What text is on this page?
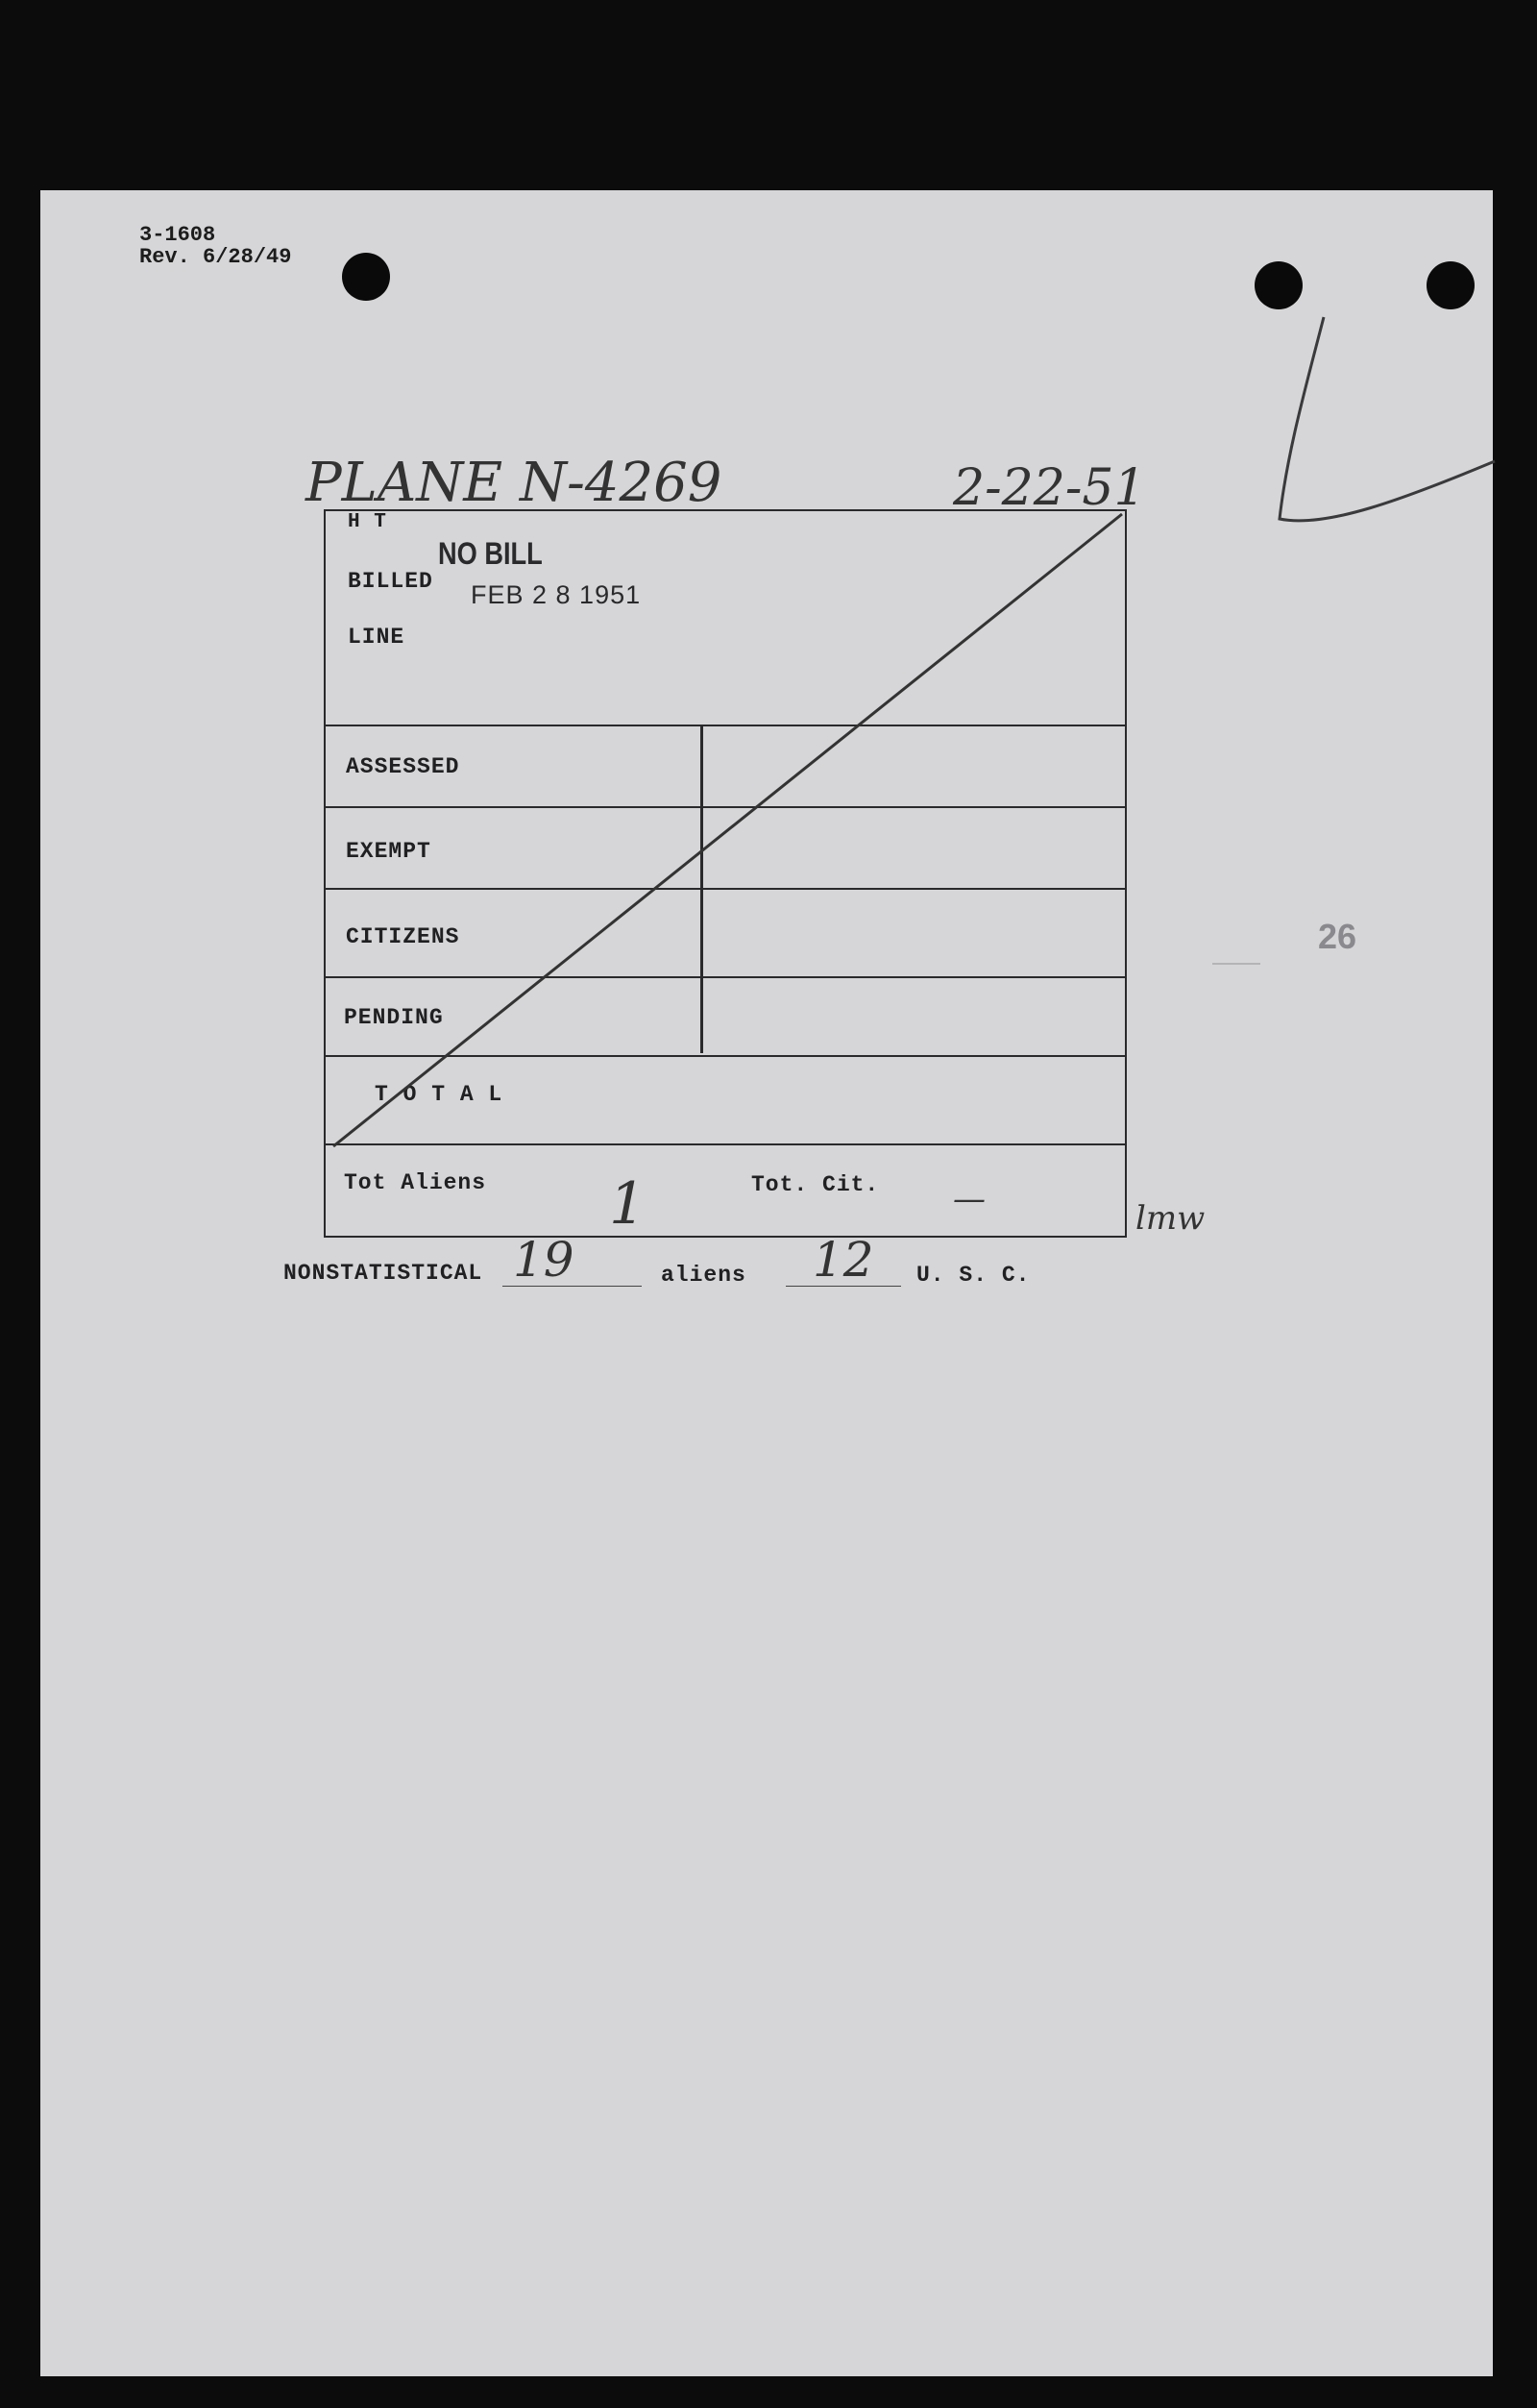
3-1608
Rev. 6/28/49
PLANE N-4269	2-22-51
H T
BILLED
LINE
ASSESSED
EXEMPT
CITIZENS
PENDING
T O T A L
Tot Aliens	Tot. Cit.
NO BILL
FEB 2 8 1951
1	—	lmw
NONSTATISTICAL 19	aliens 12 U. S. C.
26
